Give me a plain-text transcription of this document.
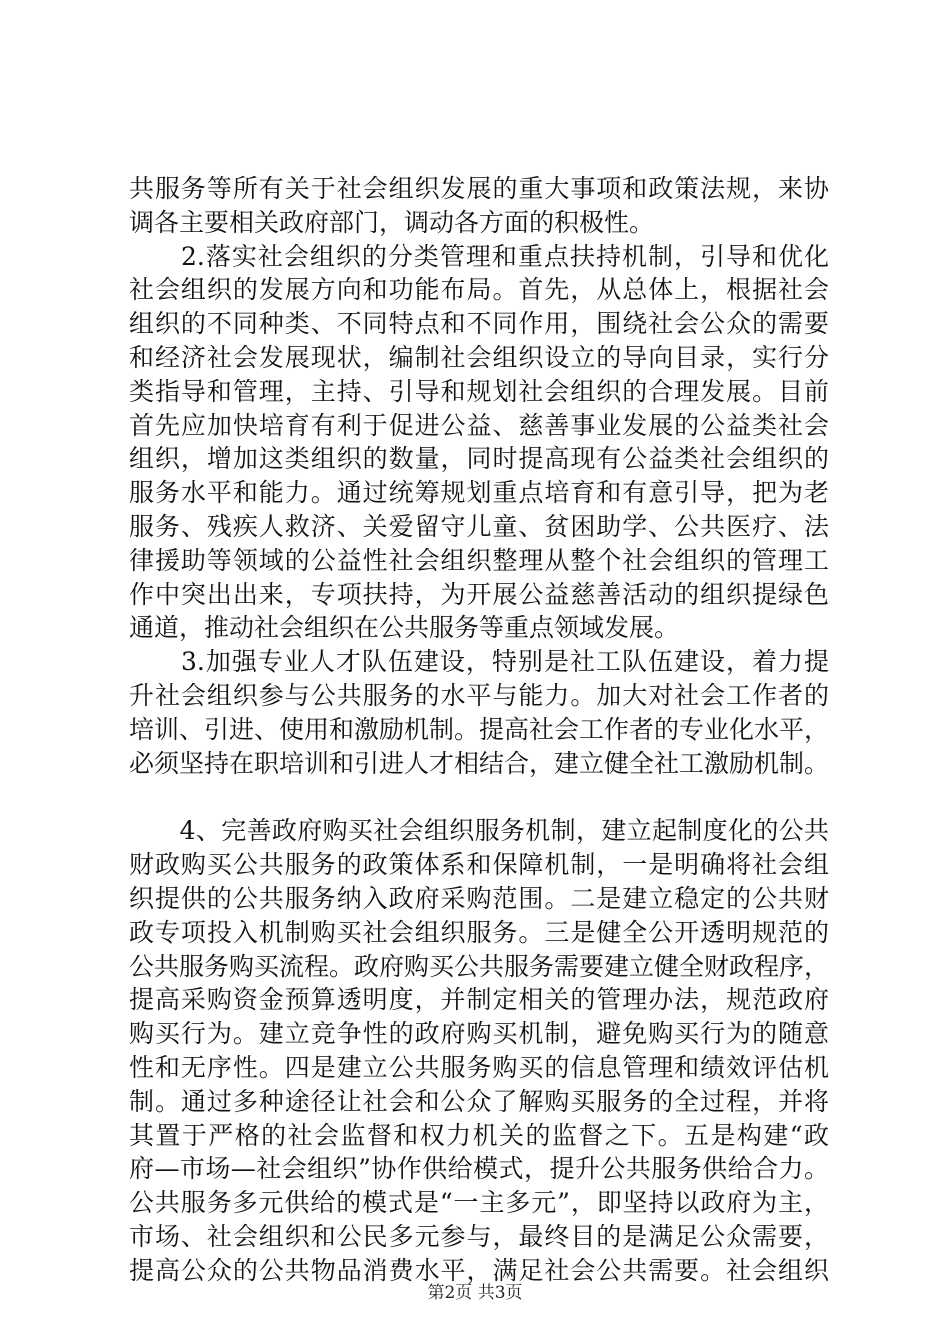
共服务等所有关于社会组织发展的重大事项和政策法规，来协
调各主要相关政府部门，调动各方面的积极性。
　　2.落实社会组织的分类管理和重点扶持机制，引导和优化
社会组织的发展方向和功能布局。首先，从总体上，根据社会
组织的不同种类、不同特点和不同作用，围绕社会公众的需要
和经济社会发展现状，编制社会组织设立的导向目录，实行分
类指导和管理，主持、引导和规划社会组织的合理发展。目前
首先应加快培育有利于促进公益、慈善事业发展的公益类社会
组织，增加这类组织的数量，同时提高现有公益类社会组织的
服务水平和能力。通过统筹规划重点培育和有意引导，把为老
服务、残疾人救济、关爱留守儿童、贫困助学、公共医疗、法
律援助等领域的公益性社会组织整理从整个社会组织的管理工
作中突出出来，专项扶持，为开展公益慈善活动的组织提绿色
通道，推动社会组织在公共服务等重点领域发展。
　　3.加强专业人才队伍建设，特别是社工队伍建设，着力提
升社会组织参与公共服务的水平与能力。加大对社会工作者的
培训、引进、使用和激励机制。提高社会工作者的专业化水平，
必须坚持在职培训和引进人才相结合，建立健全社工激励机制。
　　4、完善政府购买社会组织服务机制，建立起制度化的公共
财政购买公共服务的政策体系和保障机制，一是明确将社会组
织提供的公共服务纳入政府采购范围。二是建立稳定的公共财
政专项投入机制购买社会组织服务。三是健全公开透明规范的
公共服务购买流程。政府购买公共服务需要建立健全财政程序，
提高采购资金预算透明度，并制定相关的管理办法，规范政府
购买行为。建立竞争性的政府购买机制，避免购买行为的随意
性和无序性。四是建立公共服务购买的信息管理和绩效评估机
制。通过多种途径让社会和公众了解购买服务的全过程，并将
其置于严格的社会监督和权力机关的监督之下。五是构建“政
府—市场—社会组织”协作供给模式，提升公共服务供给合力。
公共服务多元供给的模式是“一主多元”，即坚持以政府为主，
市场、社会组织和公民多元参与，最终目的是满足公众需要，
提高公众的公共物品消费水平，满足社会公共需要。社会组织
第2页 共3页
